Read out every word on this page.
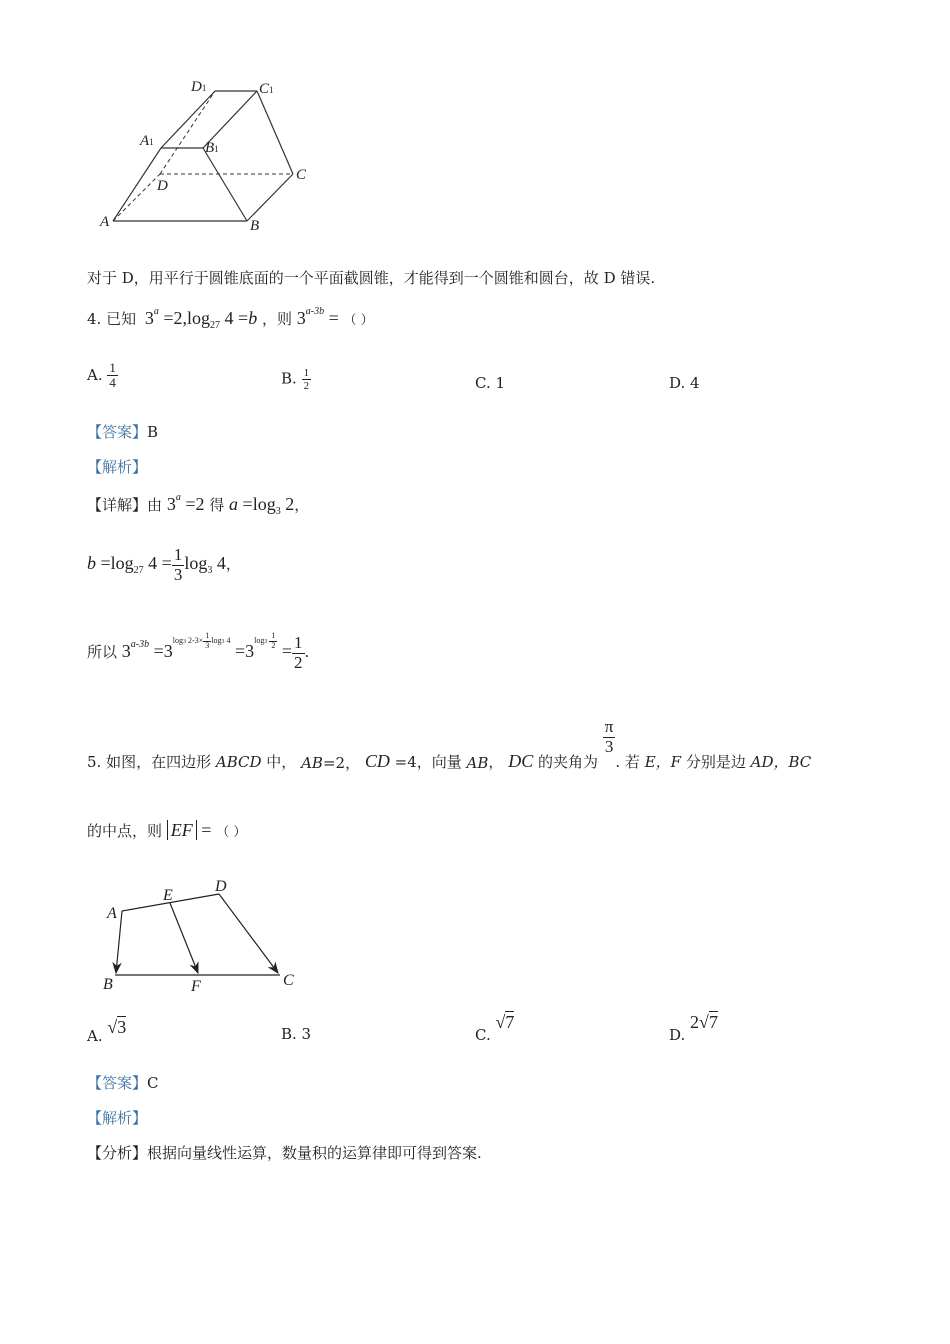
D1	C1
A1	B1
D
C
A	B
对于 D，用平行于圆锥底面的一个平面截圆锥，才能得到一个圆锥和圆台，故 D 错误.
4. 已知 $3^a =2,\log_{27}$ 4 =b ，则 $3^{a-3b}$ = （ ）
A. $\frac{1}{4}$	B. $\frac{1}{2}$	C. 1	D. 4
【答案】B
【解析】
【详解】由 $3^a =2$ 得 $a =\log_3$ 2，
$b =\log_{27}$ $4 = \frac{1}{3} \log_3 4$，
所以 $3^{a-3b} =3^{log3 2-3\times \frac{1}{3} log3 4} =3^{log3 \frac{1}{2}} = \frac{1}{2}$ .
5. 如图，在四边形 ABCD 中， AB=2， CD =4，向量 AB， DC 的夹角为
$\frac{\pi}{3}$
. 若 E，F 分别是边 AD，BC
的中点，则 EF = （ ）
A
E
D
B	F	C
A. √3	B. 3	C. √7
D. 2√7
【答案】C
【解析】
【分析】根据向量线性运算，数量积的运算律即可得到答案.
